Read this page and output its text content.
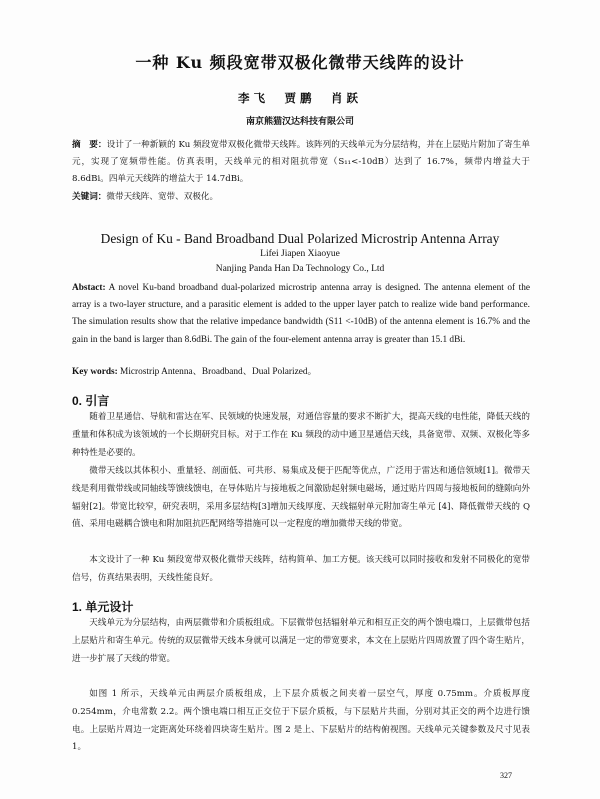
一种 Ku 频段宽带双极化微带天线阵的设计
李飞　贾鹏　肖跃
南京熊猫汉达科技有限公司
摘　要：设计了一种新颖的 Ku 频段宽带双极化微带天线阵。该阵列的天线单元为分层结构，并在上层贴片附加了寄生单元，实现了宽频带性能。仿真表明，天线单元的相对阻抗带宽（S₁₁<-10dB）达到了 16.7%，频带内增益大于 8.6dBi。四单元天线阵的增益大于 14.7dBi。
关键词：微带天线阵、宽带、双极化。
Design of Ku - Band Broadband Dual Polarized Microstrip Antenna Array
Lifei Jiapen Xiaoyue
Nanjing Panda Han Da Technology Co., Ltd
Abstact: A novel Ku-band broadband dual-polarized microstrip antenna array is designed. The antenna element of the array is a two-layer structure, and a parasitic element is added to the upper layer patch to realize wide band performance. The simulation results show that the relative impedance bandwidth (S11 <-10dB) of the antenna element is 16.7% and the gain in the band is larger than 8.6dBi. The gain of the four-element antenna array is greater than 15.1 dBi.
Key words: Microstrip Antenna、Broadband、Dual Polarized。
0. 引言
随着卫星通信、导航和雷达在军、民领域的快速发展，对通信容量的要求不断扩大，提高天线的电性能，降低天线的重量和体积成为该领域的一个长期研究目标。对于工作在 Ku 频段的动中通卫星通信天线，具备宽带、双频、双极化等多种特性是必要的。
微带天线以其体积小、重量轻、剖面低、可共形、易集成及便于匹配等优点，广泛用于雷达和通信领域[1]。微带天线是利用微带线或同轴线等馈线馈电，在导体贴片与接地板之间激励起射频电磁场，通过贴片四周与接地板间的缝隙向外辐射[2]。带宽比较窄，研究表明，采用多层结构[3]增加天线厚度、天线辐射单元附加寄生单元 [4]、降低微带天线的 Q 值、采用电磁耦合馈电和附加阻抗匹配网络等措施可以一定程度的增加微带天线的带宽。
本文设计了一种 Ku 频段宽带双极化微带天线阵，结构简单、加工方便。该天线可以同时接收和发射不同极化的宽带信号，仿真结果表明，天线性能良好。
1. 单元设计
天线单元为分层结构，由两层微带和介质板组成。下层微带包括辐射单元和相互正交的两个馈电端口，上层微带包括上层贴片和寄生单元。传统的双层微带天线本身就可以满足一定的带宽要求，本文在上层贴片四周放置了四个寄生贴片，进一步扩展了天线的带宽。
如图 1 所示，天线单元由两层介质板组成，上下层介质板之间夹着一层空气，厚度 0.75mm。介质板厚度 0.254mm，介电常数 2.2。两个馈电端口相互正交位于下层介质板，与下层贴片共面，分别对其正交的两个边进行馈电。上层贴片周边一定距离处环绕着四块寄生贴片。图 2 是上、下层贴片的结构俯视图。天线单元关键参数及尺寸见表 1。
327
